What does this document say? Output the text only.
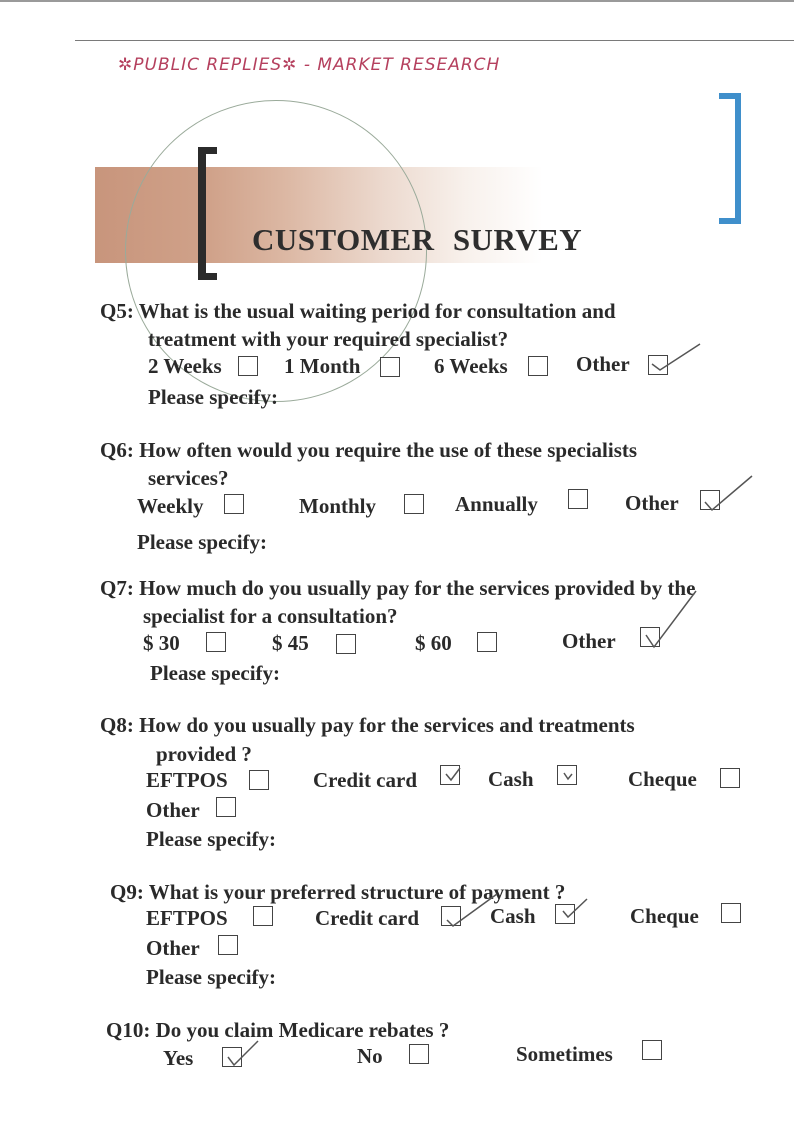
✲PUBLIC REPLIES✲ - MARKET RESEARCH
CUSTOMER SURVEY
Q5: What is the usual waiting period for consultation and
treatment with your required specialist?
2 Weeks	1 Month	6 Weeks	Other
Please specify:
Q6: How often would you require the use of these specialists
services?
Weekly	Monthly	Annually	Other
Please specify:
Q7: How much do you usually pay for the services provided by the
specialist for a consultation?
$ 30	$ 45	$ 60	Other
Please specify:
Q8: How do you usually pay for the services and treatments
provided ?
EFTPOS	Credit card	Cash	Cheque
Other
Please specify:
Q9: What is your preferred structure of payment ?
EFTPOS	Credit card	Cash	Cheque
Other
Please specify:
Q10: Do you claim Medicare rebates ?
Yes	No	Sometimes
